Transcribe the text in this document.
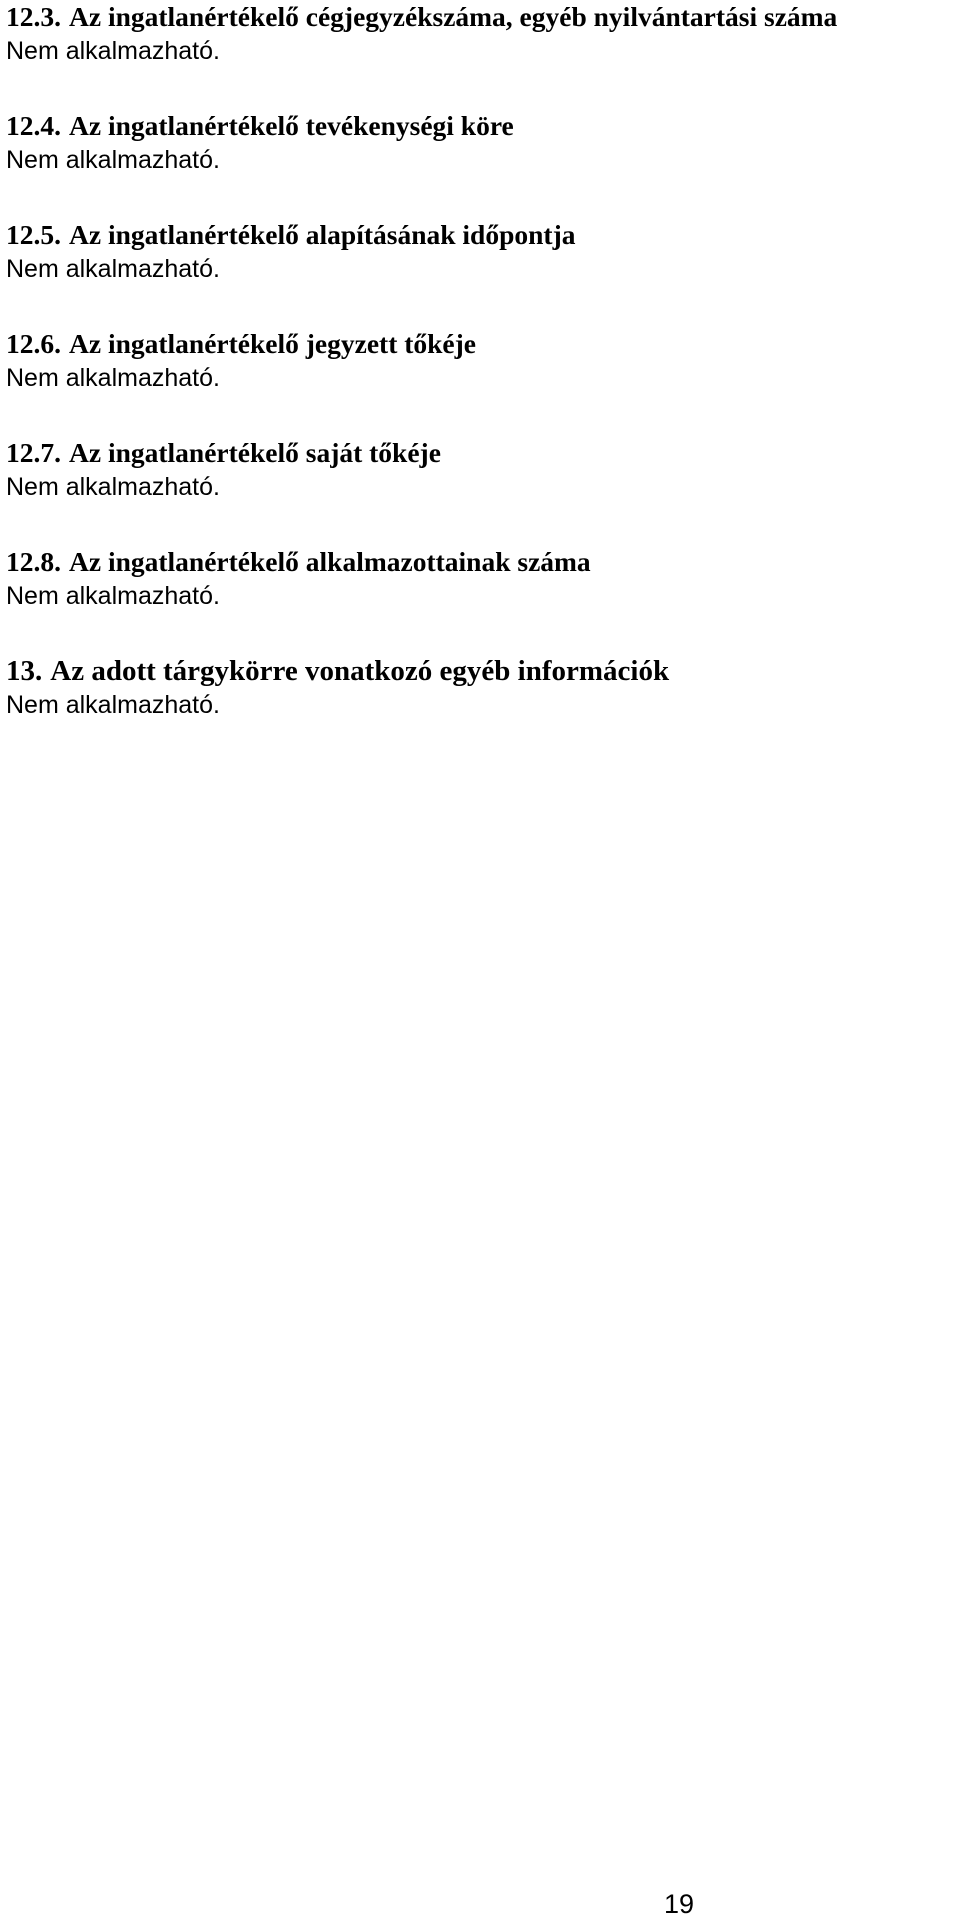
12.3. Az ingatlanértékelő cégjegyzékszáma, egyéb nyilvántartási száma

Nem alkalmazható.

12.4. Az ingatlanértékelő tevékenységi köre

Nem alkalmazható.

12.5. Az ingatlanértékelő alapításának időpontja

Nem alkalmazható.

12.6. Az ingatlanértékelő jegyzett tőkéje

Nem alkalmazható.

12.7. Az ingatlanértékelő saját tőkéje

Nem alkalmazható.

12.8. Az ingatlanértékelő alkalmazottainak száma

Nem alkalmazható.

13. Az adott tárgykörre vonatkozó egyéb információk

Nem alkalmazható.

19
